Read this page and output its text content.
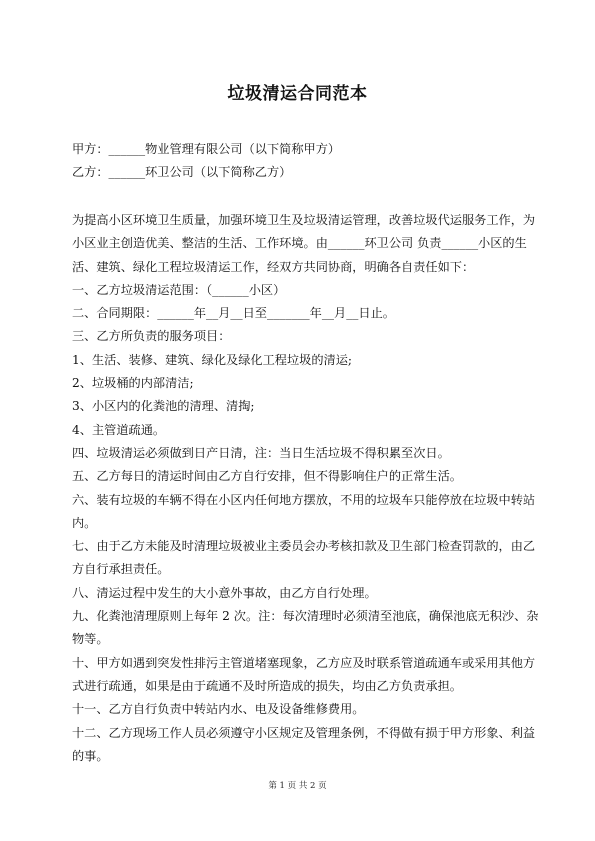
垃圾清运合同范本
甲方：______物业管理有限公司（以下简称甲方）
乙方：______环卫公司（以下简称乙方）

为提高小区环境卫生质量，加强环境卫生及垃圾清运管理，改善垃圾代运服务工作，为

小区业主创造优美、整洁的生活、工作环境。由______环卫公司 负责______小区的生

活、建筑、绿化工程垃圾清运工作，经双方共同协商，明确各自责任如下：

一、乙方垃圾清运范围：（______小区）

二、合同期限：______年__月__日至_______年__月__日止。

三、乙方所负责的服务项目：

1、生活、装修、建筑、绿化及绿化工程垃圾的清运;

2、垃圾桶的内部清洁;

3、小区内的化粪池的清理、清掏;

4、主管道疏通。

四、垃圾清运必须做到日产日清，注：当日生活垃圾不得积累至次日。

五、乙方每日的清运时间由乙方自行安排，但不得影响住户的正常生活。

六、装有垃圾的车辆不得在小区内任何地方摆放，不用的垃圾车只能停放在垃圾中转站

内。

七、由于乙方未能及时清理垃圾被业主委员会办考核扣款及卫生部门检查罚款的，由乙

方自行承担责任。

八、清运过程中发生的大小意外事故，由乙方自行处理。

九、化粪池清理原则上每年 2 次。注：每次清理时必须清至池底，确保池底无积沙、杂

物等。

十、甲方如遇到突发性排污主管道堵塞现象，乙方应及时联系管道疏通车或采用其他方

式进行疏通，如果是由于疏通不及时所造成的损失，均由乙方负责承担。

十一、乙方自行负责中转站内水、电及设备维修费用。

十二、乙方现场工作人员必须遵守小区规定及管理条例，不得做有损于甲方形象、利益

的事。

第 1 页 共 2 页
